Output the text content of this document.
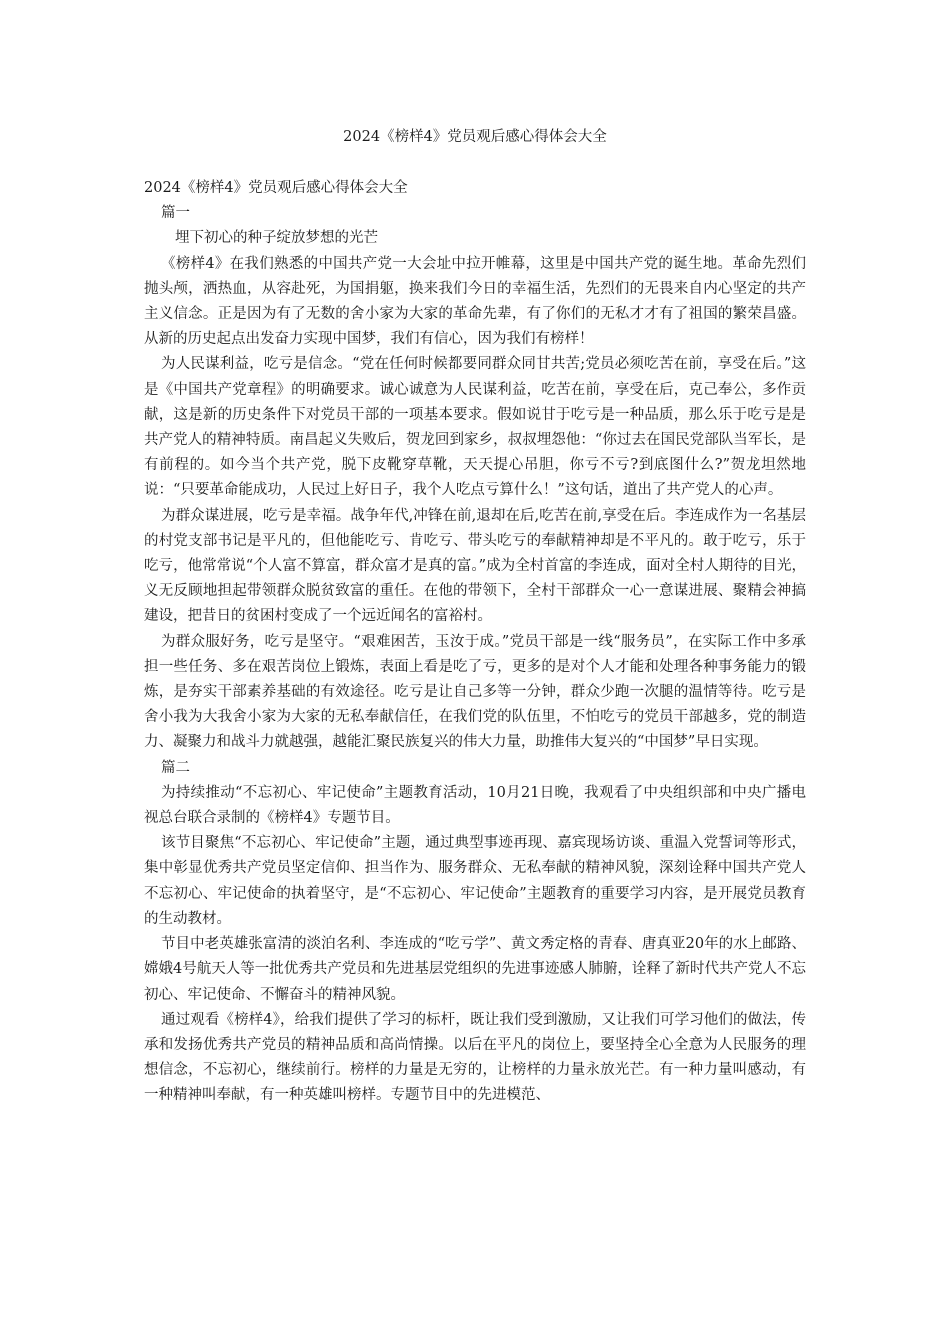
2024《榜样4》党员观后感心得体会大全

2024《榜样4》党员观后感心得体会大全

篇一

埋下初心的种子绽放梦想的光芒

《榜样4》在我们熟悉的中国共产党一大会址中拉开帷幕，这里是中国共产党的诞生地。革命先烈们抛头颅，洒热血，从容赴死，为国捐躯，换来我们今日的幸福生活，先烈们的无畏来自内心坚定的共产主义信念。正是因为有了无数的舍小家为大家的革命先辈，有了你们的无私才才有了祖国的繁荣昌盛。从新的历史起点出发奋力实现中国梦，我们有信心，因为我们有榜样！

为人民谋利益，吃亏是信念。“党在任何时候都要同群众同甘共苦;党员必须吃苦在前，享受在后。”这是《中国共产党章程》的明确要求。诚心诚意为人民谋利益，吃苦在前，享受在后，克己奉公，多作贡献，这是新的历史条件下对党员干部的一项基本要求。假如说甘于吃亏是一种品质，那么乐于吃亏是是共产党人的精神特质。南昌起义失败后，贺龙回到家乡，叔叔埋怨他：“你过去在国民党部队当军长，是有前程的。如今当个共产党，脱下皮靴穿草靴，天天提心吊胆，你亏不亏?到底图什么?”贺龙坦然地说：“只要革命能成功，人民过上好日子，我个人吃点亏算什么！”这句话，道出了共产党人的心声。

为群众谋进展，吃亏是幸福。战争年代,冲锋在前,退却在后,吃苦在前,享受在后。李连成作为一名基层的村党支部书记是平凡的，但他能吃亏、肯吃亏、带头吃亏的奉献精神却是不平凡的。敢于吃亏，乐于吃亏，他常常说“个人富不算富，群众富才是真的富。”成为全村首富的李连成，面对全村人期待的目光，义无反顾地担起带领群众脱贫致富的重任。在他的带领下，全村干部群众一心一意谋进展、聚精会神搞建设，把昔日的贫困村变成了一个远近闻名的富裕村。

为群众服好务，吃亏是坚守。“艰难困苦，玉汝于成。”党员干部是一线“服务员”，在实际工作中多承担一些任务、多在艰苦岗位上锻炼，表面上看是吃了亏，更多的是对个人才能和处理各种事务能力的锻炼，是夯实干部素养基础的有效途径。吃亏是让自己多等一分钟，群众少跑一次腿的温情等待。吃亏是舍小我为大我舍小家为大家的无私奉献信任，在我们党的队伍里，不怕吃亏的党员干部越多，党的制造力、凝聚力和战斗力就越强，越能汇聚民族复兴的伟大力量，助推伟大复兴的“中国梦”早日实现。

篇二

为持续推动“不忘初心、牢记使命”主题教育活动，10月21日晚，我观看了中央组织部和中央广播电视总台联合录制的《榜样4》专题节目。

该节目聚焦“不忘初心、牢记使命”主题，通过典型事迹再现、嘉宾现场访谈、重温入党誓词等形式，集中彰显优秀共产党员坚定信仰、担当作为、服务群众、无私奉献的精神风貌，深刻诠释中国共产党人不忘初心、牢记使命的执着坚守，是“不忘初心、牢记使命”主题教育的重要学习内容，是开展党员教育的生动教材。

节目中老英雄张富清的淡泊名利、李连成的“吃亏学”、黄文秀定格的青春、唐真亚20年的水上邮路、嫦娥4号航天人等一批优秀共产党员和先进基层党组织的先进事迹感人肺腑，诠释了新时代共产党人不忘初心、牢记使命、不懈奋斗的精神风貌。

通过观看《榜样4》，给我们提供了学习的标杆，既让我们受到激励，又让我们可学习他们的做法，传承和发扬优秀共产党员的精神品质和高尚情操。以后在平凡的岗位上，要坚持全心全意为人民服务的理想信念，不忘初心，继续前行。榜样的力量是无穷的，让榜样的力量永放光芒。有一种力量叫感动，有一种精神叫奉献，有一种英雄叫榜样。专题节目中的先进模范、
